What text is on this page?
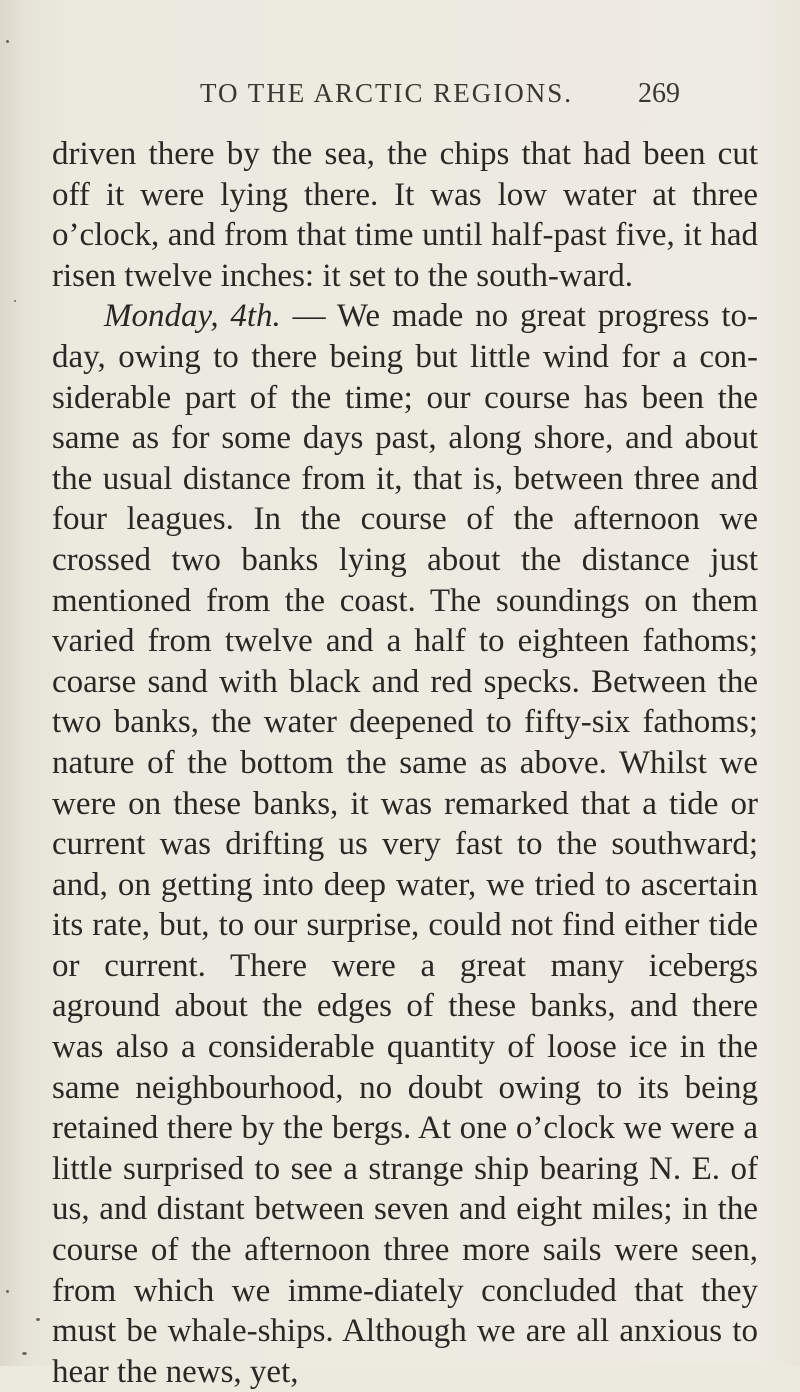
TO THE ARCTIC REGIONS. 269

driven there by the sea, the chips that had been cut off it were lying there. It was low water at three o’clock, and from that time until half-past five, it had risen twelve inches: it set to the south-ward.

Monday, 4th. — We made no great progress to-day, owing to there being but little wind for a con-siderable part of the time; our course has been the same as for some days past, along shore, and about the usual distance from it, that is, between three and four leagues. In the course of the afternoon we crossed two banks lying about the distance just mentioned from the coast. The soundings on them varied from twelve and a half to eighteen fathoms; coarse sand with black and red specks. Between the two banks, the water deepened to fifty-six fathoms; nature of the bottom the same as above. Whilst we were on these banks, it was remarked that a tide or current was drifting us very fast to the southward; and, on getting into deep water, we tried to ascertain its rate, but, to our surprise, could not find either tide or current. There were a great many icebergs aground about the edges of these banks, and there was also a considerable quantity of loose ice in the same neighbourhood, no doubt owing to its being retained there by the bergs. At one o’clock we were a little surprised to see a strange ship bearing N. E. of us, and distant between seven and eight miles; in the course of the afternoon three more sails were seen, from which we imme-diately concluded that they must be whale-ships. Although we are all anxious to hear the news, yet,
